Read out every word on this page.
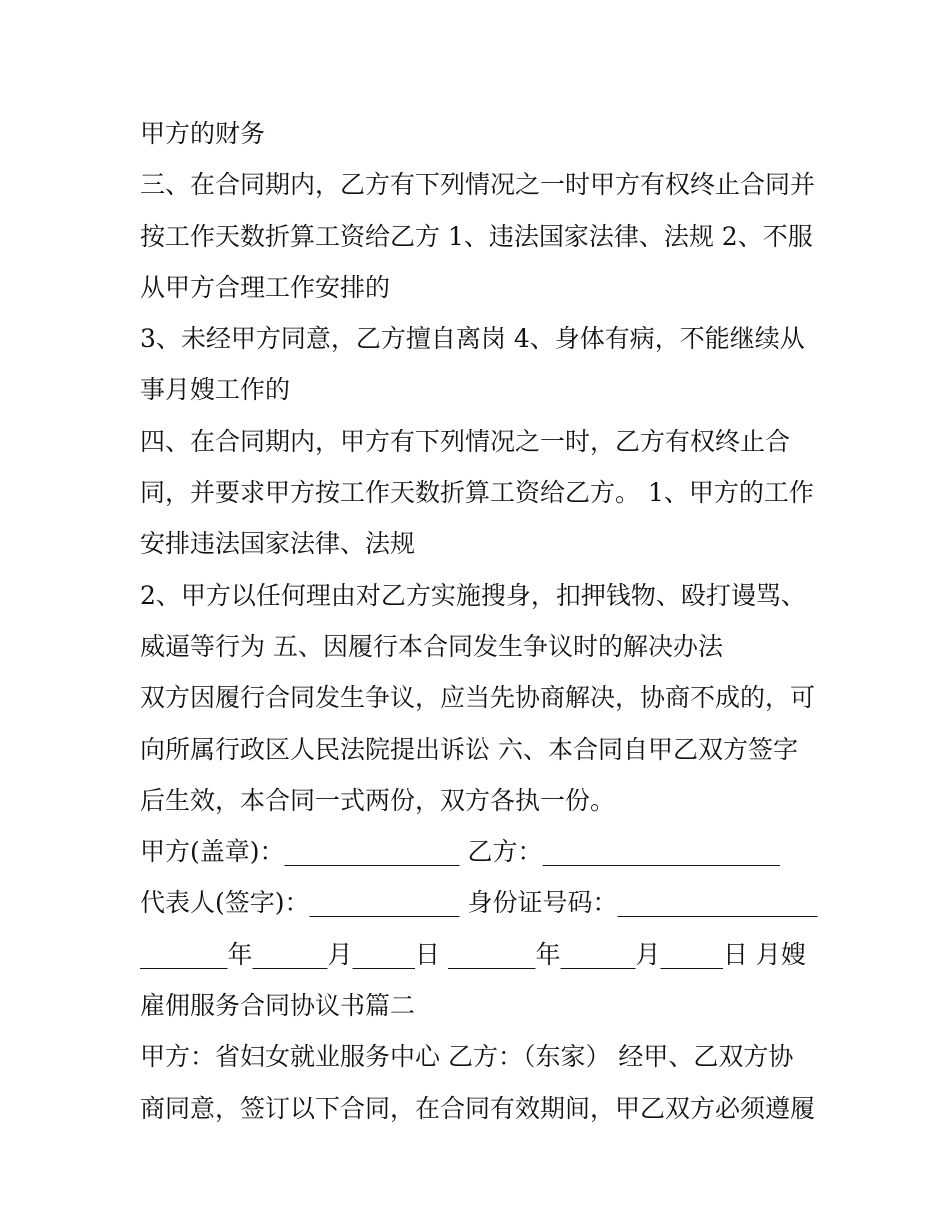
甲方的财务
三、在合同期内，乙方有下列情况之一时甲方有权终止合同并
按工作天数折算工资给乙方 1、违法国家法律、法规 2、不服
从甲方合理工作安排的
3、未经甲方同意，乙方擅自离岗 4、身体有病，不能继续从
事月嫂工作的
四、在合同期内，甲方有下列情况之一时，乙方有权终止合
同，并要求甲方按工作天数折算工资给乙方。 1、甲方的工作
安排违法国家法律、法规
2、甲方以任何理由对乙方实施搜身，扣押钱物、殴打谩骂、
威逼等行为 五、因履行本合同发生争议时的解决办法
双方因履行合同发生争议，应当先协商解决，协商不成的，可
向所属行政区人民法院提出诉讼 六、本合同自甲乙双方签字
后生效，本合同一式两份，双方各执一份。
甲方(盖章)：______________ 乙方：___________________
代表人(签字)：____________ 身份证号码：________________
_______年______月_____日 _______年______月_____日 月嫂
雇佣服务合同协议书篇二
甲方：省妇女就业服务中心 乙方：（东家） 经甲、乙双方协
商同意，签订以下合同，在合同有效期间，甲乙双方必须遵履
